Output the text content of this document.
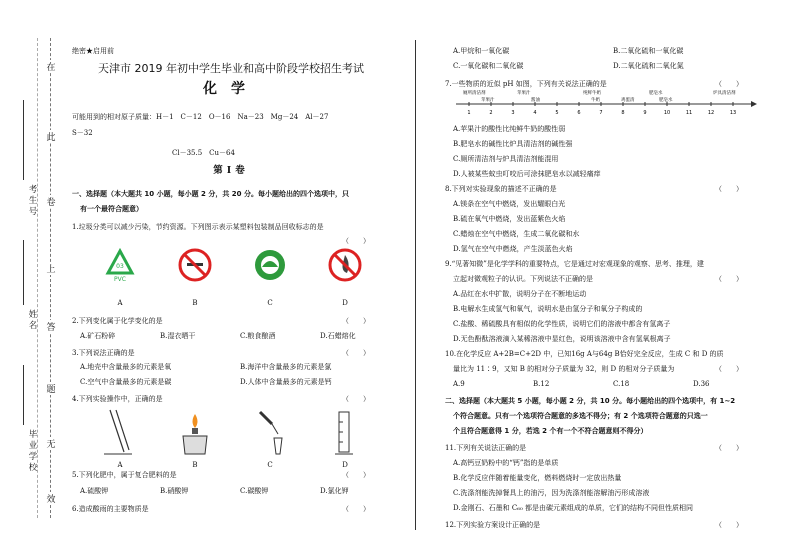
在
此
卷
上
答
题
无
效
考生号
姓名
毕业学校
绝密★启用前
天津市 2019 年初中学生毕业和高中阶段学校招生考试
化学
可能用到的相对原子质量：H－1　C－12　O－16　Na－23　Mg－24　Al－27
S－32
Cl－35.5　Cu－64
第Ⅰ卷
一、选择题（本大题共 10 小题，每小题 2 分，共 20 分。每小题给出的四个选项中，只
有一个最符合题意）
1.垃圾分类可以减少污染，节约资源。下列图示表示某塑料包装制品回收标志的是
（　　）
03
PVC
A	B	C	D
2.下列变化属于化学变化的是	（　　）
A.矿石粉碎	B.湿衣晒干	C.粮食酿酒	D.石蜡熔化
3.下列说法正确的是	（　　）
A.地壳中含量最多的元素是氧	B.海洋中含量最多的元素是氯
C.空气中含量最多的元素是碳	D.人体中含量最多的元素是钙
4.下列实验操作中，正确的是	（　　）
A	B	C	D
5.下列化肥中，属于复合肥料的是	（　　）
A.硫酸钾	B.硝酸钾	C.碳酸钾	D.氯化钾
6.造成酸雨的主要物质是	（　　）
A.甲烷和一氧化碳	B.二氧化硫和一氧化碳
C.一氧化碳和二氧化碳	D.二氧化硫和二氧化氮
7.一些物质的近似 pH 如图，下列有关说法正确的是	（　　）
1	2	3	4	5	6	7	8	9	10	11	12	13
厕所清洁剂	苹果汁	纯鲜牛奶	肥皂水	炉具清洁剂
苹果汁	酱油	牛奶	鸡蛋清	肥皂水
A.苹果汁的酸性比纯鲜牛奶的酸性弱
B.肥皂水的碱性比炉具清洁剂的碱性强
C.厕所清洁剂与炉具清洁剂能混用
D.人被某些蚊虫叮咬后可涂抹肥皂水以减轻痛痒
8.下列对实验现象的描述不正确的是	（　　）
A.镁条在空气中燃烧，发出耀眼白光
B.硫在氧气中燃烧，发出蓝紫色火焰
C.蜡烛在空气中燃烧，生成二氧化碳和水
D.氢气在空气中燃烧，产生淡蓝色火焰
9.“见著知微”是化学学科的重要特点，它是通过对宏观现象的观察、思考、推理，建
立起对微观粒子的认识。下列说法不正确的是	（　　）
A.品红在水中扩散，说明分子在不断地运动
B.电解水生成氢气和氧气，说明水是由氢分子和氧分子构成的
C.盐酸、稀硫酸具有相似的化学性质，说明它们的溶液中都含有氢离子
D.无色酚酞溶液滴入某稀溶液中显红色，说明该溶液中含有氢氧根离子
10.在化学反应 A+2B=C+2D 中，已知16g A与64g B恰好完全反应，生成 C 和 D 的质
量比为 11∶9，又知 B 的相对分子质量为 32，则 D 的相对分子质量为	（　　）
A.9	B.12	C.18	D.36
二、选择题（本大题共 5 小题，每小题 2 分，共 10 分。每小题给出的四个选项中，有 1~2
个符合题意。只有一个选项符合题意的多选不得分；有 2 个选项符合题意的只选一
个且符合题意得 1 分，若选 2 个有一个不符合题意则不得分）
11.下列有关说法正确的是	（　　）
A.高钙豆奶粉中的“钙”指的是单质
B.化学反应伴随着能量变化，燃料燃烧时一定放出热量
C.洗涤剂能洗掉餐具上的油污，因为洗涤剂能溶解油污形成溶液
D.金刚石、石墨和 C₆₀ 都是由碳元素组成的单质，它们的结构不同但性质相同
12.下列实验方案设计正确的是	（　　）
